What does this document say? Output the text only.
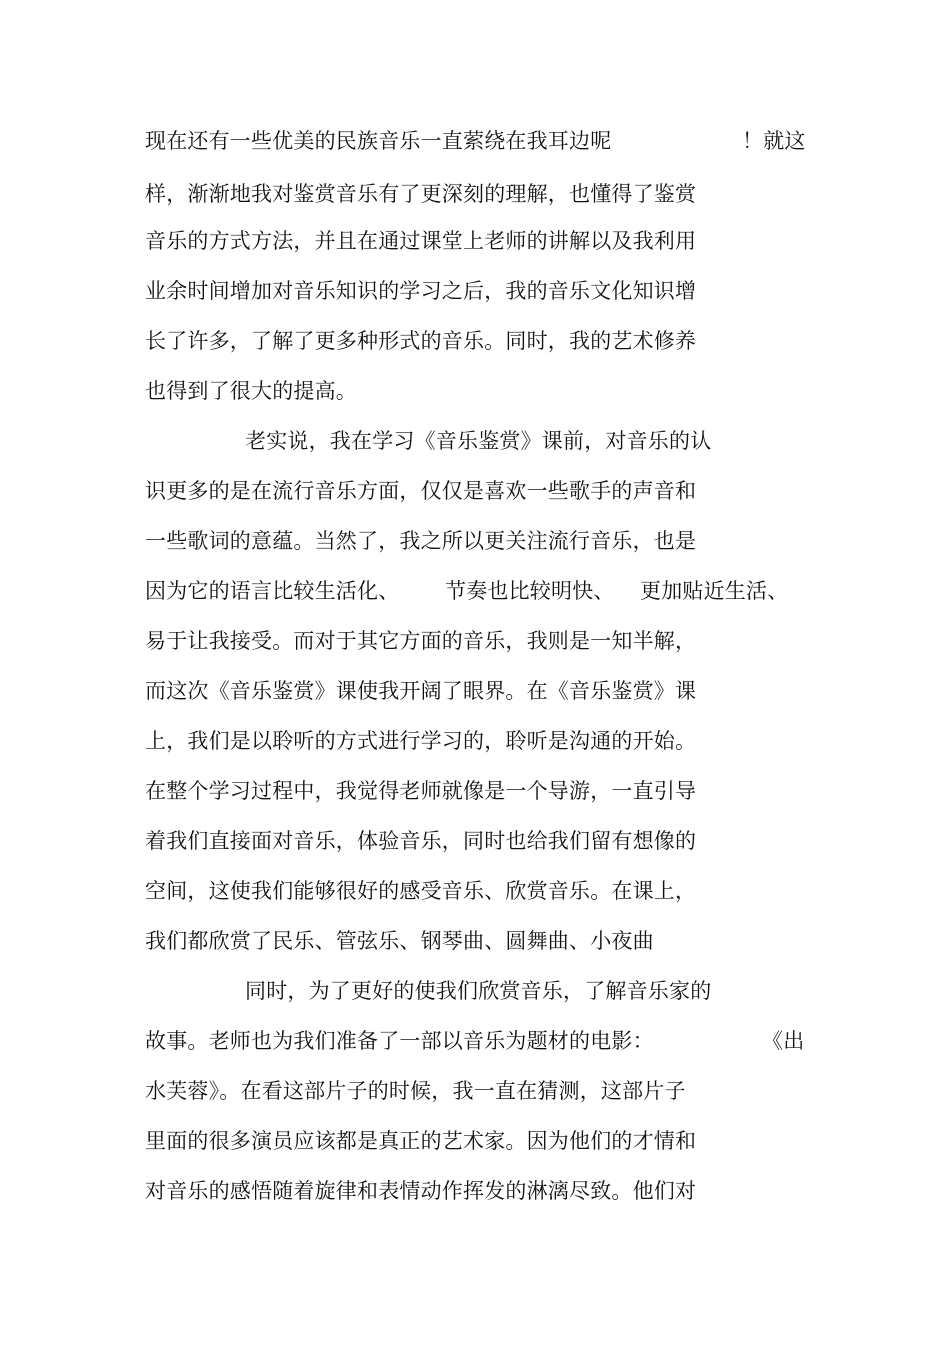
现在还有一些优美的民族音乐一直萦绕在我耳边呢	！就这
样，渐渐地我对鉴赏音乐有了更深刻的理解，也懂得了鉴赏
音乐的方式方法，并且在通过课堂上老师的讲解以及我利用
业余时间增加对音乐知识的学习之后，我的音乐文化知识增
长了许多，了解了更多种形式的音乐。同时，我的艺术修养
也得到了很大的提高。
老实说，我在学习《音乐鉴赏》课前，对音乐的认
识更多的是在流行音乐方面，仅仅是喜欢一些歌手的声音和
一些歌词的意蕴。当然了，我之所以更关注流行音乐，也是
因为它的语言比较生活化、 节奏也比较明快、 更加贴近生活、
易于让我接受。而对于其它方面的音乐，我则是一知半解，
而这次《音乐鉴赏》课使我开阔了眼界。在《音乐鉴赏》课
上，我们是以聆听的方式进行学习的，聆听是沟通的开始。
在整个学习过程中，我觉得老师就像是一个导游，一直引导
着我们直接面对音乐，体验音乐，同时也给我们留有想像的
空间，这使我们能够很好的感受音乐、欣赏音乐。在课上，
我们都欣赏了民乐、管弦乐、钢琴曲、圆舞曲、小夜曲
同时，为了更好的使我们欣赏音乐，了解音乐家的
故事。老师也为我们准备了一部以音乐为题材的电影：	《出
水芙蓉》。在看这部片子的时候，我一直在猜测，这部片子
里面的很多演员应该都是真正的艺术家。因为他们的才情和
对音乐的感悟随着旋律和表情动作挥发的淋漓尽致。他们对
